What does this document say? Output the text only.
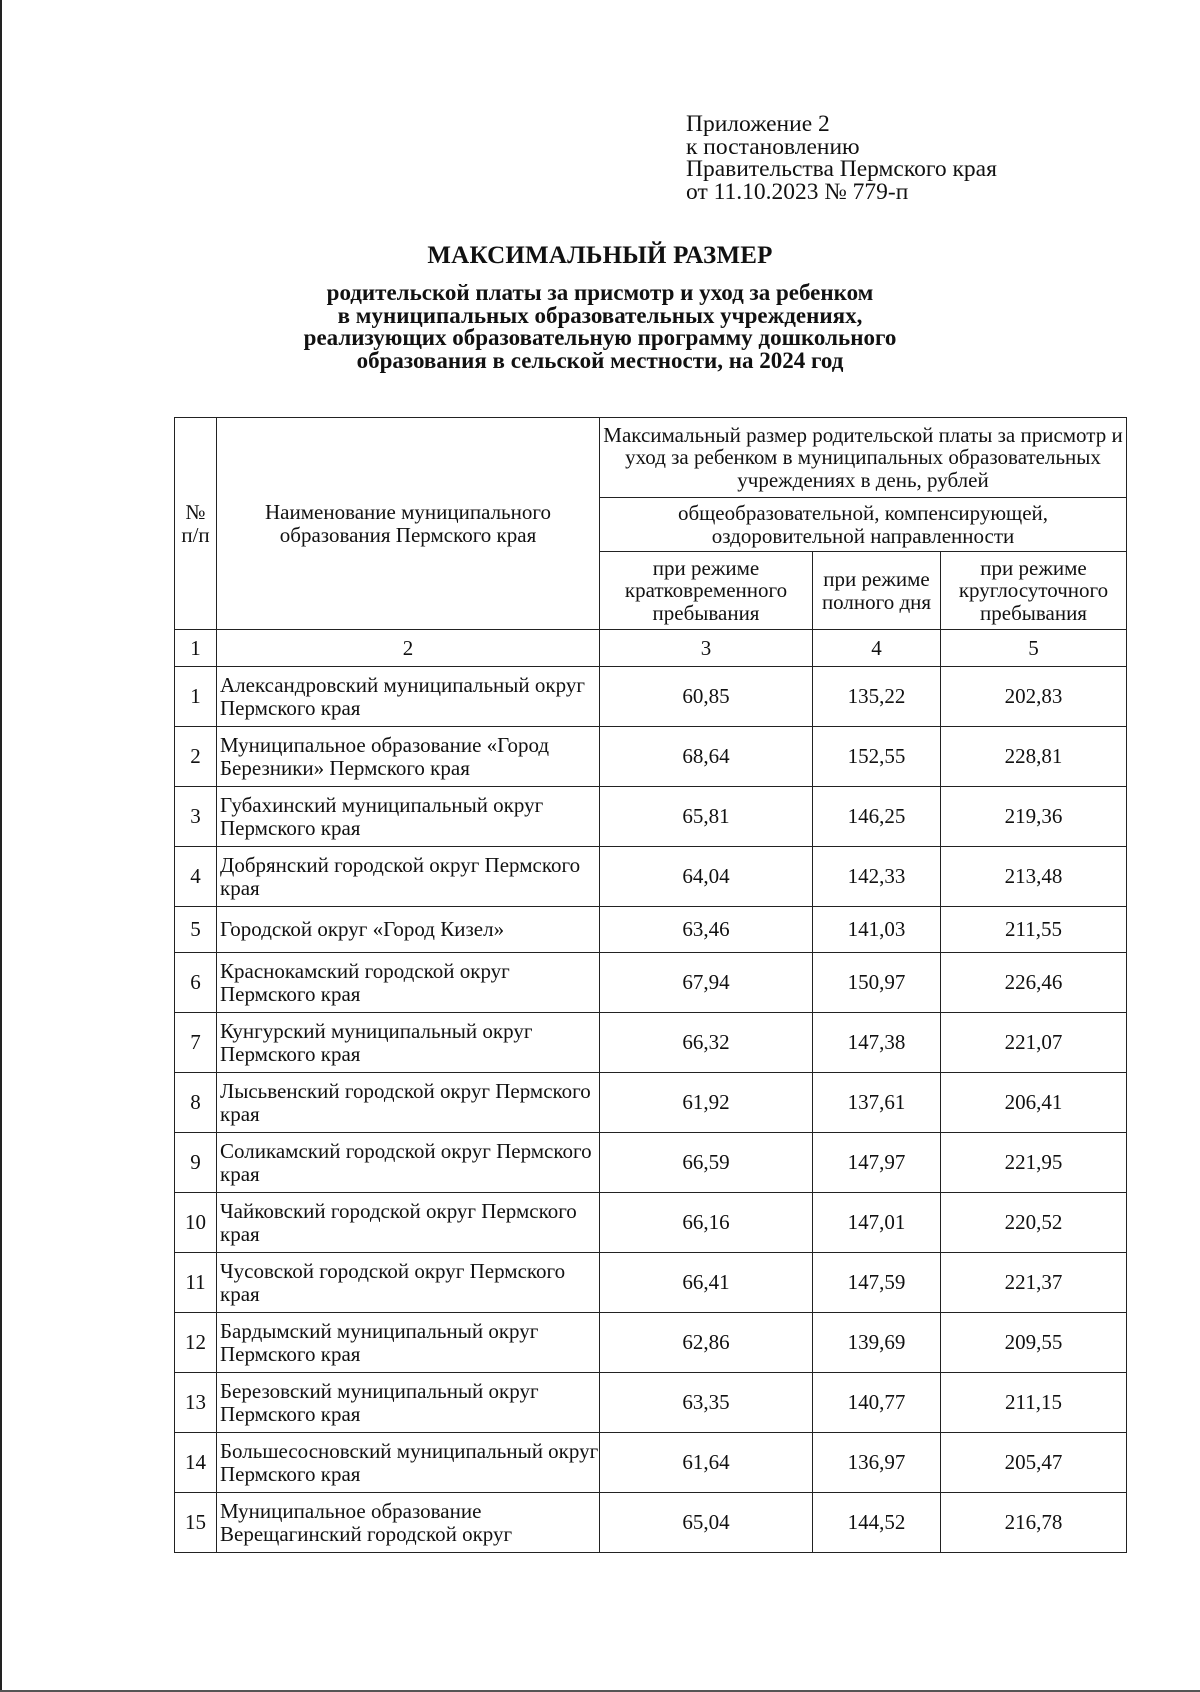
Приложение 2
к постановлению
Правительства Пермского края
от 11.10.2023 № 779-п
МАКСИМАЛЬНЫЙ РАЗМЕР
родительской платы за присмотр и уход за ребенком
в муниципальных образовательных учреждениях,
реализующих образовательную программу дошкольного
образования в сельской местности, на 2024 год
№ п/п	Наименование муниципального образования Пермского края	Максимальный размер родительской платы за присмотр и уход за ребенком в муниципальных образовательных учреждениях в день, рублей		
		общеобразовательной, компенсирующей, оздоровительной направленности		
		при режиме кратковременного пребывания	при режиме полного дня	при режиме круглосуточного пребывания
1	2	3	4	5
1	Александровский муниципальный округ Пермского края	60,85	135,22	202,83
2	Муниципальное образование «Город Березники» Пермского края	68,64	152,55	228,81
3	Губахинский муниципальный округ Пермского края	65,81	146,25	219,36
4	Добрянский городской округ Пермского края	64,04	142,33	213,48
5	Городской округ «Город Кизел»	63,46	141,03	211,55
6	Краснокамский городской округ Пермского края	67,94	150,97	226,46
7	Кунгурский муниципальный округ Пермского края	66,32	147,38	221,07
8	Лысьвенский городской округ Пермского края	61,92	137,61	206,41
9	Соликамский городской округ Пермского края	66,59	147,97	221,95
10	Чайковский городской округ Пермского края	66,16	147,01	220,52
11	Чусовской городской округ Пермского края	66,41	147,59	221,37
12	Бардымский муниципальный округ Пермского края	62,86	139,69	209,55
13	Березовский муниципальный округ Пермского края	63,35	140,77	211,15
14	Большесосновский муниципальный округ Пермского края	61,64	136,97	205,47
15	Муниципальное образование Верещагинский городской округ	65,04	144,52	216,78
